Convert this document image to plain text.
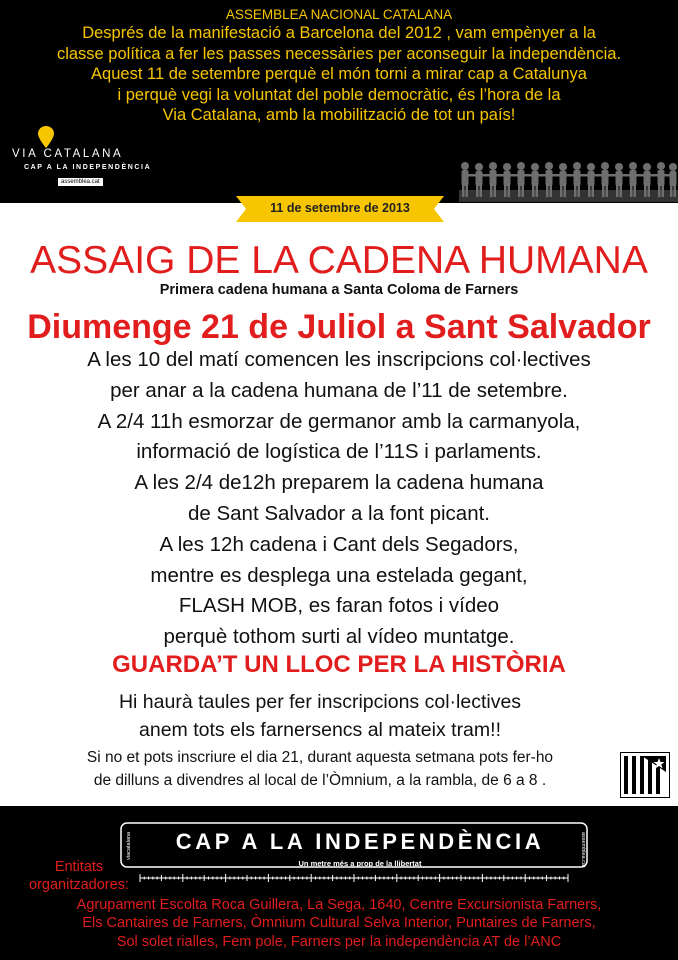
ASSEMBLEA NACIONAL CATALANA
Després de la manifestació a Barcelona del 2012 , vam empènyer a la
classe política a fer les passes necessàries per aconseguir la independència.
Aquest 11 de setembre perquè el món torni a mirar cap a Catalunya
i perquè vegi la voluntat del poble democràtic, és l’hora de la
Via Catalana, amb la mobilització de tot un país!
VIA CATALANA
CAP A LA INDEPENDÈNCIA
assemblea.cat
11 de setembre de 2013
ASSAIG DE LA CADENA HUMANA
Primera cadena humana a Santa Coloma de Farners
Diumenge 21 de Juliol a Sant Salvador
A les 10 del matí comencen les inscripcions col·lectives
per anar a la cadena humana de l’11 de setembre.
A 2/4 11h esmorzar de germanor amb la carmanyola,
informació de logística de l’11S i parlaments.
A les 2/4 de12h preparem la cadena humana
de Sant Salvador a la font picant.
A les 12h cadena i Cant dels Segadors,
mentre es desplega una estelada gegant,
FLASH MOB, es faran fotos i vídeo
perquè tothom surti al vídeo muntatge.
GUARDA’T UN LLOC PER LA HISTÒRIA
Hi haurà taules per fer inscripcions col·lectives
anem tots els farnersencs al mateix tram!!
Si no et pots inscriure el dia 21, durant aquesta setmana pots fer-ho
de dilluns a divendres al local de l’Òmnium, a la rambla, de 6 a 8 .
CAP A LA INDEPENDÈNCIA
Un metre més a prop de la llibertat
viacatalana	assemblea.cat
Entitats
organitzadores:
Agrupament Escolta Roca Guillera, La Sega, 1640, Centre Excursionista Farners,
Els Cantaires de Farners, Òmnium Cultural Selva Interior, Puntaires de Farners,
Sol solet rialles, Fem pole, Farners per la independència AT de l’ANC
